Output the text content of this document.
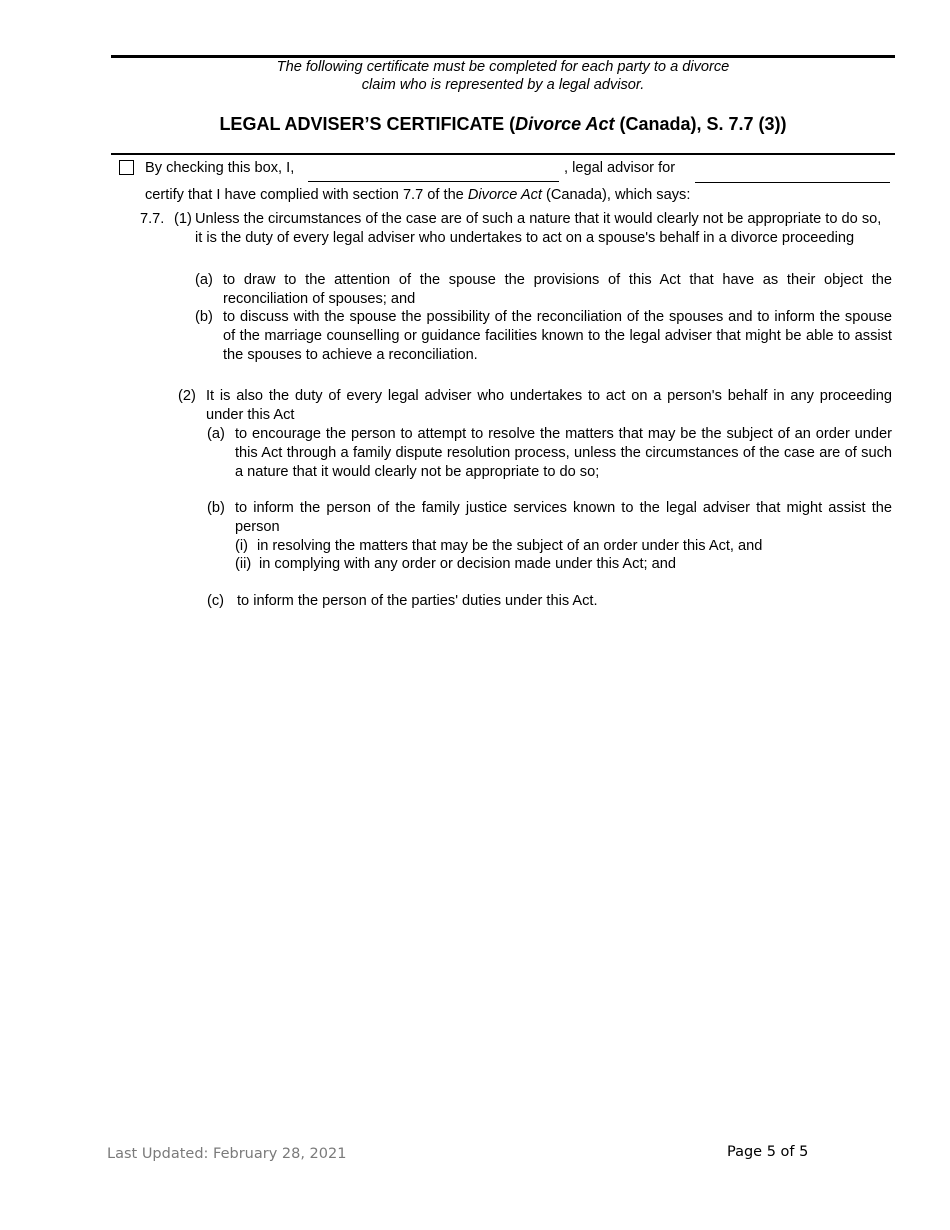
The following certificate must be completed for each party to a divorce
claim who is represented by a legal advisor.
LEGAL ADVISER’S CERTIFICATE (Divorce Act (Canada), S. 7.7 (3))
By checking this box, I,	, legal advisor for
certify that I have complied with section 7.7 of the Divorce Act (Canada), which says:
7.7. (1) Unless the circumstances of the case are of such a nature that it would clearly not be appropriate to do so, it is the duty of every legal adviser who undertakes to act on a spouse's behalf in a divorce proceeding
(a) to draw to the attention of the spouse the provisions of this Act that have as their object the reconciliation of spouses; and
(b) to discuss with the spouse the possibility of the reconciliation of the spouses and to inform the spouse of the marriage counselling or guidance facilities known to the legal adviser that might be able to assist the spouses to achieve a reconciliation.
(2) It is also the duty of every legal adviser who undertakes to act on a person's behalf in any proceeding under this Act
(a) to encourage the person to attempt to resolve the matters that may be the subject of an order under this Act through a family dispute resolution process, unless the circumstances of the case are of such a nature that it would clearly not be appropriate to do so;
(b) to inform the person of the family justice services known to the legal adviser that might assist the person
(i) in resolving the matters that may be the subject of an order under this Act, and
(ii) in complying with any order or decision made under this Act; and
(c) to inform the person of the parties' duties under this Act.
Last Updated: February 28, 2021	Page 5 of 5
